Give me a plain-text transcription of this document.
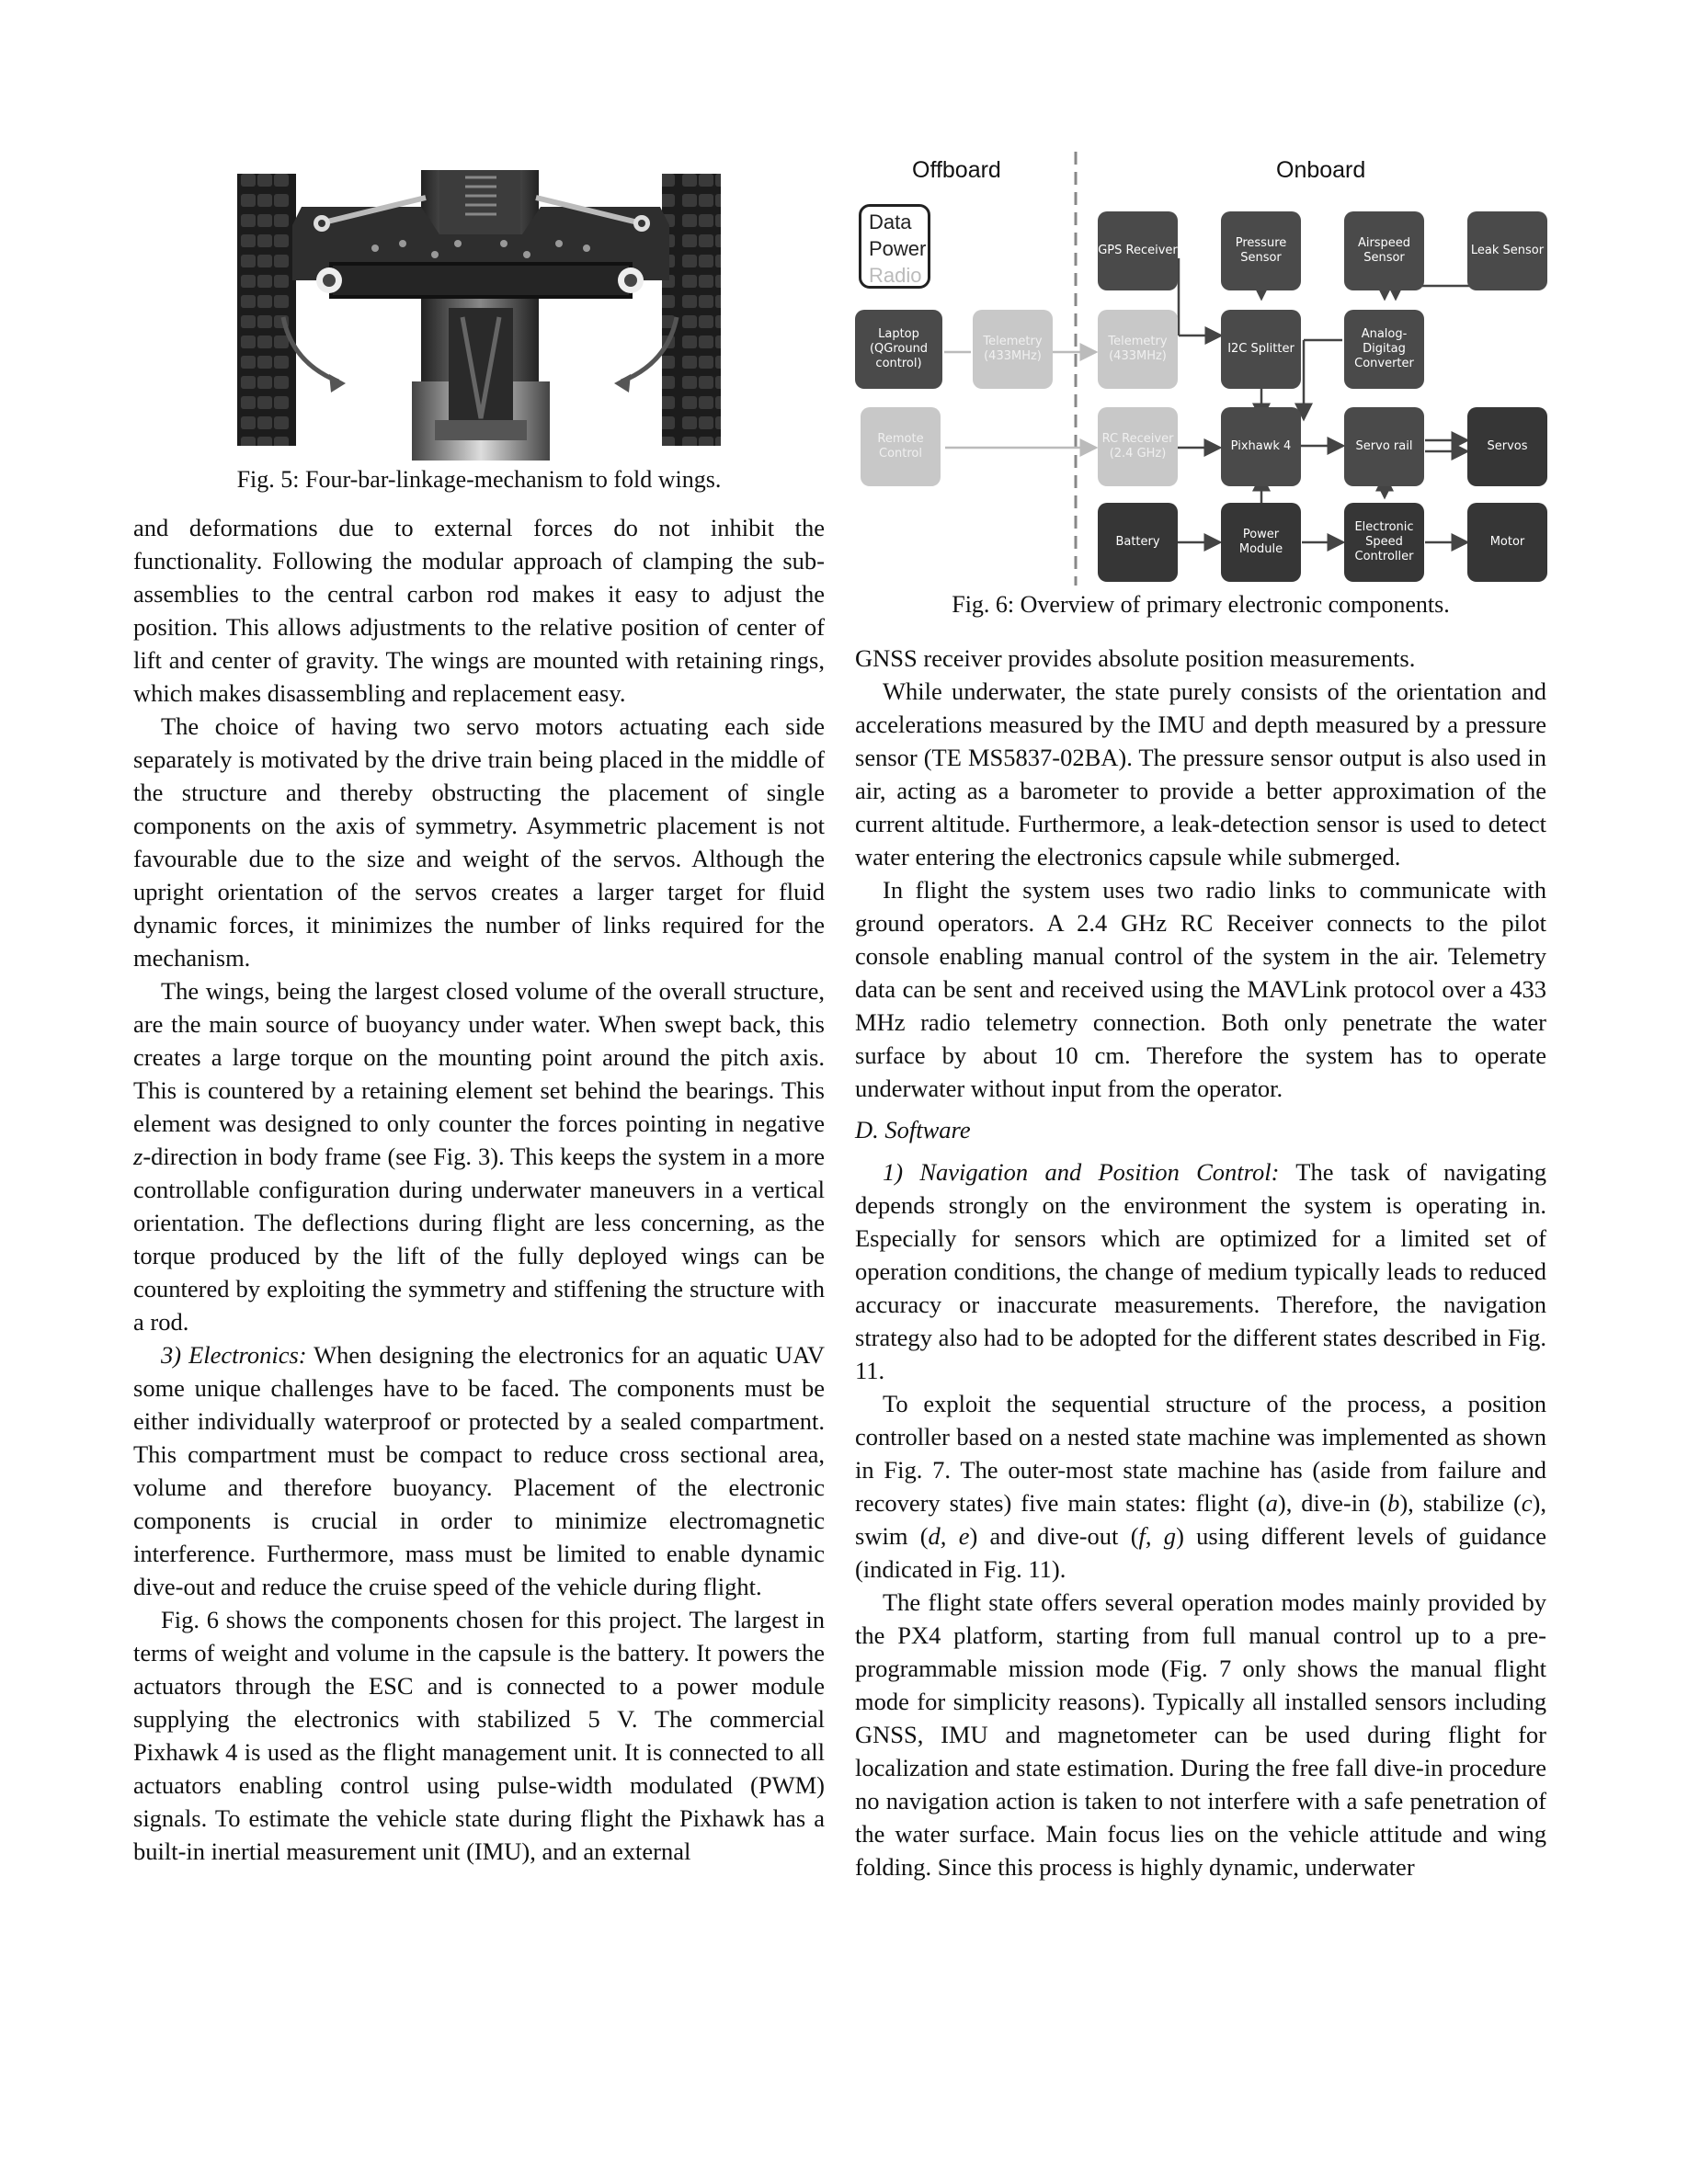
Fig. 5: Four-bar-linkage-mechanism to fold wings.
Offboard	Onboard
Data
Power
Radio
GPS Receiver
Pressure Sensor
Airspeed Sensor
Leak Sensor
Laptop (QGround control)
Telemetry (433MHz)
Telemetry (433MHz)
I2C Splitter
Analog-Digitag Converter
Remote Control
RC Receiver (2.4 GHz)
Pixhawk 4	Servo rail	Servos
Battery
Power Module
Electronic Speed Controller
Motor
Fig. 6: Overview of primary electronic components.

and deformations due to external forces do not inhibit the functionality. Following the modular approach of clamping the sub-assemblies to the central carbon rod makes it easy to adjust the position. This allows adjustments to the relative position of center of lift and center of gravity. The wings are mounted with retaining rings, which makes disassembling and replacement easy.

The choice of having two servo motors actuating each side separately is motivated by the drive train being placed in the middle of the structure and thereby obstructing the placement of single components on the axis of symmetry. Asymmetric placement is not favourable due to the size and weight of the servos. Although the upright orientation of the servos creates a larger target for fluid dynamic forces, it minimizes the number of links required for the mechanism.

The wings, being the largest closed volume of the overall structure, are the main source of buoyancy under water. When swept back, this creates a large torque on the mounting point around the pitch axis. This is countered by a retaining element set behind the bearings. This element was designed to only counter the forces pointing in negative z-direction in body frame (see Fig. 3). This keeps the system in a more controllable configuration during underwater maneuvers in a vertical orientation. The deflections during flight are less concerning, as the torque produced by the lift of the fully deployed wings can be countered by exploiting the symmetry and stiffening the structure with a rod.

3) Electronics: When designing the electronics for an aquatic UAV some unique challenges have to be faced. The components must be either individually waterproof or protected by a sealed compartment. This compartment must be compact to reduce cross sectional area, volume and therefore buoyancy. Placement of the electronic components is crucial in order to minimize electromagnetic interference. Furthermore, mass must be limited to enable dynamic dive-out and reduce the cruise speed of the vehicle during flight.

Fig. 6 shows the components chosen for this project. The largest in terms of weight and volume in the capsule is the battery. It powers the actuators through the ESC and is connected to a power module supplying the electronics with stabilized 5 V. The commercial Pixhawk 4 is used as the flight management unit. It is connected to all actuators enabling control using pulse-width modulated (PWM) signals. To estimate the vehicle state during flight the Pixhawk has a built-in inertial measurement unit (IMU), and an external

GNSS receiver provides absolute position measurements.

While underwater, the state purely consists of the orientation and accelerations measured by the IMU and depth measured by a pressure sensor (TE MS5837-02BA). The pressure sensor output is also used in air, acting as a barometer to provide a better approximation of the current altitude. Furthermore, a leak-detection sensor is used to detect water entering the electronics capsule while submerged.

In flight the system uses two radio links to communicate with ground operators. A 2.4 GHz RC Receiver connects to the pilot console enabling manual control of the system in the air. Telemetry data can be sent and received using the MAVLink protocol over a 433 MHz radio telemetry connection. Both only penetrate the water surface by about 10 cm. Therefore the system has to operate underwater without input from the operator.

D. Software

1) Navigation and Position Control: The task of navigating depends strongly on the environment the system is operating in. Especially for sensors which are optimized for a limited set of operation conditions, the change of medium typically leads to reduced accuracy or inaccurate measurements. Therefore, the navigation strategy also had to be adopted for the different states described in Fig. 11.

To exploit the sequential structure of the process, a position controller based on a nested state machine was implemented as shown in Fig. 7. The outer-most state machine has (aside from failure and recovery states) five main states: flight (a), dive-in (b), stabilize (c), swim (d, e) and dive-out (f, g) using different levels of guidance (indicated in Fig. 11).

The flight state offers several operation modes mainly provided by the PX4 platform, starting from full manual control up to a pre-programmable mission mode (Fig. 7 only shows the manual flight mode for simplicity reasons). Typically all installed sensors including GNSS, IMU and magnetometer can be used during flight for localization and state estimation. During the free fall dive-in procedure no navigation action is taken to not interfere with a safe penetration of the water surface. Main focus lies on the vehicle attitude and wing folding. Since this process is highly dynamic, underwater
